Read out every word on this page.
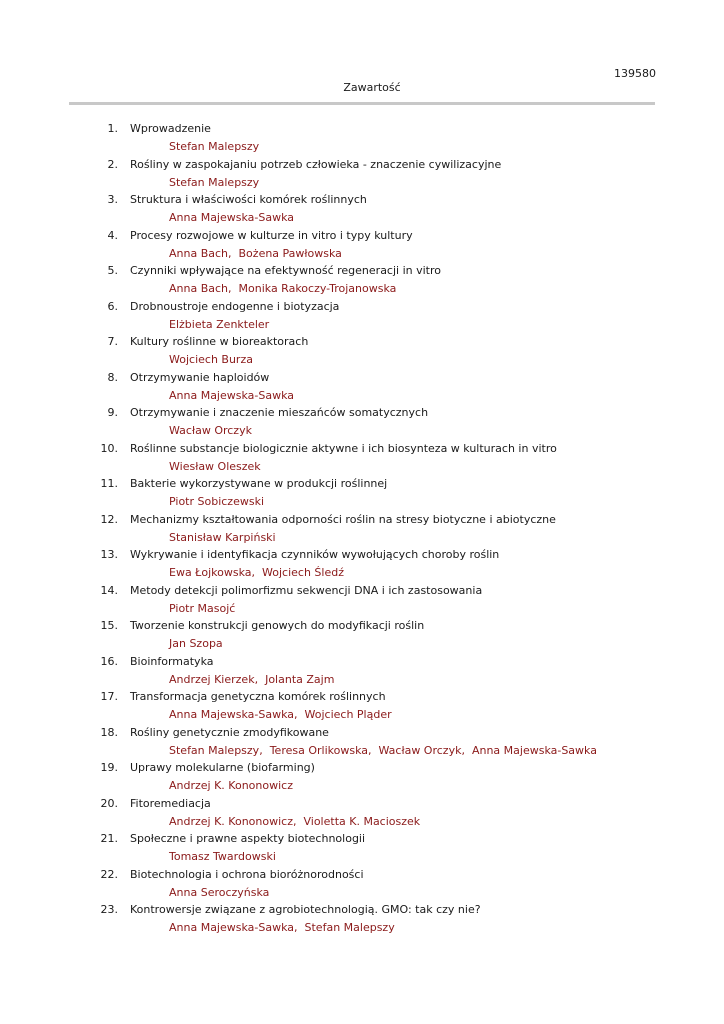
139580
Zawartość
1. Wprowadzenie
Stefan Malepszy
2. Rośliny w zaspokajaniu potrzeb człowieka - znaczenie cywilizacyjne
Stefan Malepszy
3. Struktura i właściwości komórek roślinnych
Anna Majewska-Sawka
4. Procesy rozwojowe w kulturze in vitro i typy kultury
Anna Bach,  Bożena Pawłowska
5. Czynniki wpływające na efektywność regeneracji in vitro
Anna Bach,  Monika Rakoczy-Trojanowska
6. Drobnoustroje endogenne i biotyzacja
Elżbieta Zenkteler
7. Kultury roślinne w bioreaktorach
Wojciech Burza
8. Otrzymywanie haploidów
Anna Majewska-Sawka
9. Otrzymywanie i znaczenie mieszańców somatycznych
Wacław Orczyk
10. Roślinne substancje biologicznie aktywne i ich biosynteza w kulturach in vitro
Wiesław Oleszek
11. Bakterie wykorzystywane w produkcji roślinnej
Piotr Sobiczewski
12. Mechanizmy kształtowania odporności roślin na stresy biotyczne i abiotyczne
Stanisław Karpiński
13. Wykrywanie i identyfikacja czynników wywołujących choroby roślin
Ewa Łojkowska,  Wojciech Śledź
14. Metody detekcji polimorfizmu sekwencji DNA i ich zastosowania
Piotr Masojć
15. Tworzenie konstrukcji genowych do modyfikacji roślin
Jan Szopa
16. Bioinformatyka
Andrzej Kierzek,  Jolanta Zajm
17. Transformacja genetyczna komórek roślinnych
Anna Majewska-Sawka,  Wojciech Pląder
18. Rośliny genetycznie zmodyfikowane
Stefan Malepszy,  Teresa Orlikowska,  Wacław Orczyk,  Anna Majewska-Sawka
19. Uprawy molekularne (biofarming)
Andrzej K. Kononowicz
20. Fitoremediacja
Andrzej K. Kononowicz,  Violetta K. Macioszek
21. Społeczne i prawne aspekty biotechnologii
Tomasz Twardowski
22. Biotechnologia i ochrona bioróżnorodności
Anna Seroczyńska
23. Kontrowersje związane z agrobiotechnologią. GMO: tak czy nie?
Anna Majewska-Sawka,  Stefan Malepszy
